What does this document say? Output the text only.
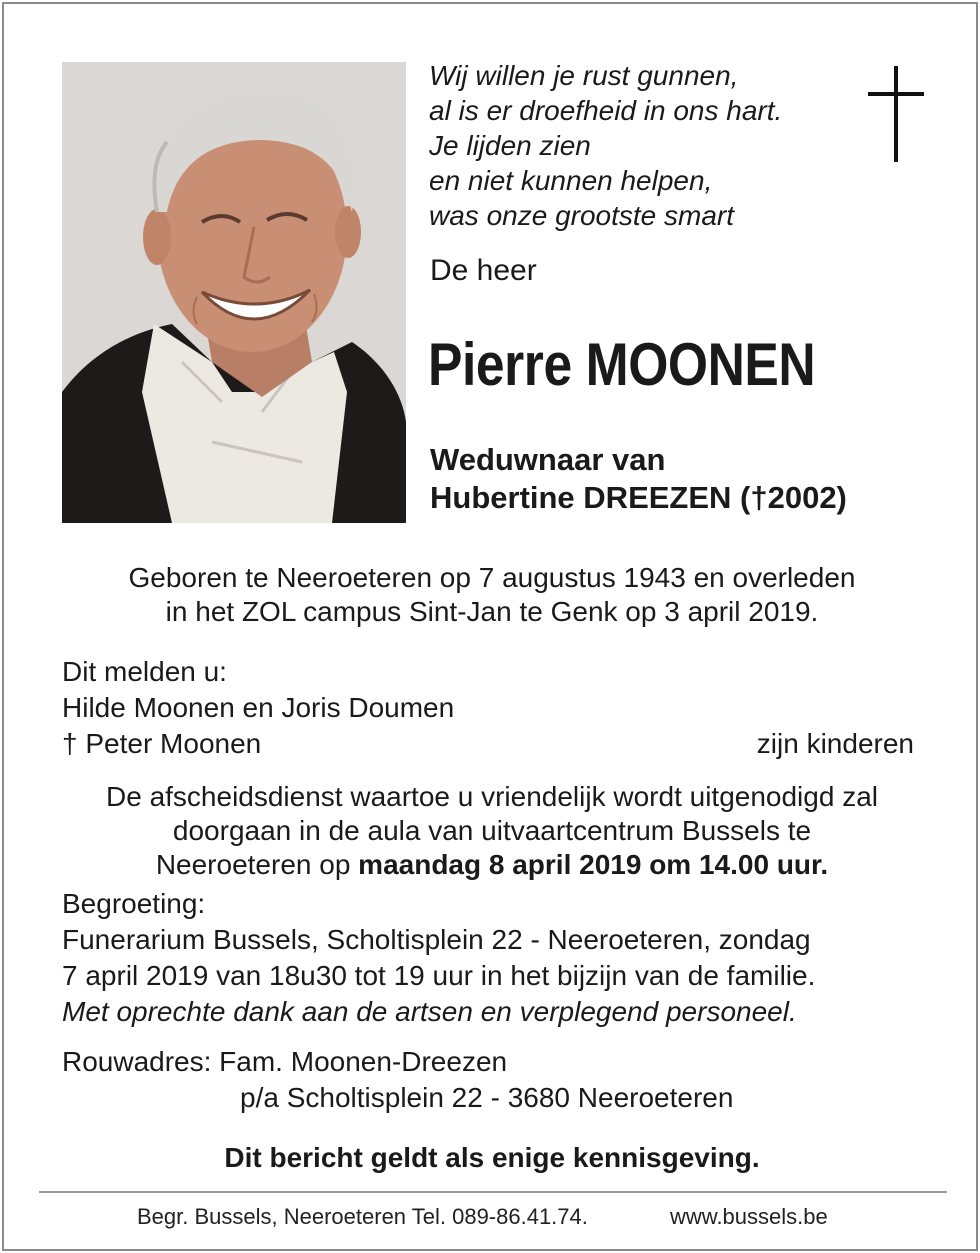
Wij willen je rust gunnen,
al is er droefheid in ons hart.
Je lijden zien
en niet kunnen helpen,
was onze grootste smart
De heer
Pierre MOONEN
Weduwnaar van
Hubertine DREEZEN (†2002)
Geboren te Neeroeteren op 7 augustus 1943 en overleden
in het ZOL campus Sint-Jan te Genk op 3 april 2019.
Dit melden u:
Hilde Moonen en Joris Doumen
† Peter Moonen	zijn kinderen
De afscheidsdienst waartoe u vriendelijk wordt uitgenodigd zal
doorgaan in de aula van uitvaartcentrum Bussels te
Neeroeteren op maandag 8 april 2019 om 14.00 uur.
Begroeting:
Funerarium Bussels, Scholtisplein 22 - Neeroeteren, zondag
7 april 2019 van 18u30 tot 19 uur in het bijzijn van de familie.
Met oprechte dank aan de artsen en verplegend personeel.
Rouwadres: Fam. Moonen-Dreezen
p/a Scholtisplein 22 - 3680 Neeroeteren
Dit bericht geldt als enige kennisgeving.
Begr. Bussels, Neeroeteren Tel. 089-86.41.74.	www.bussels.be
